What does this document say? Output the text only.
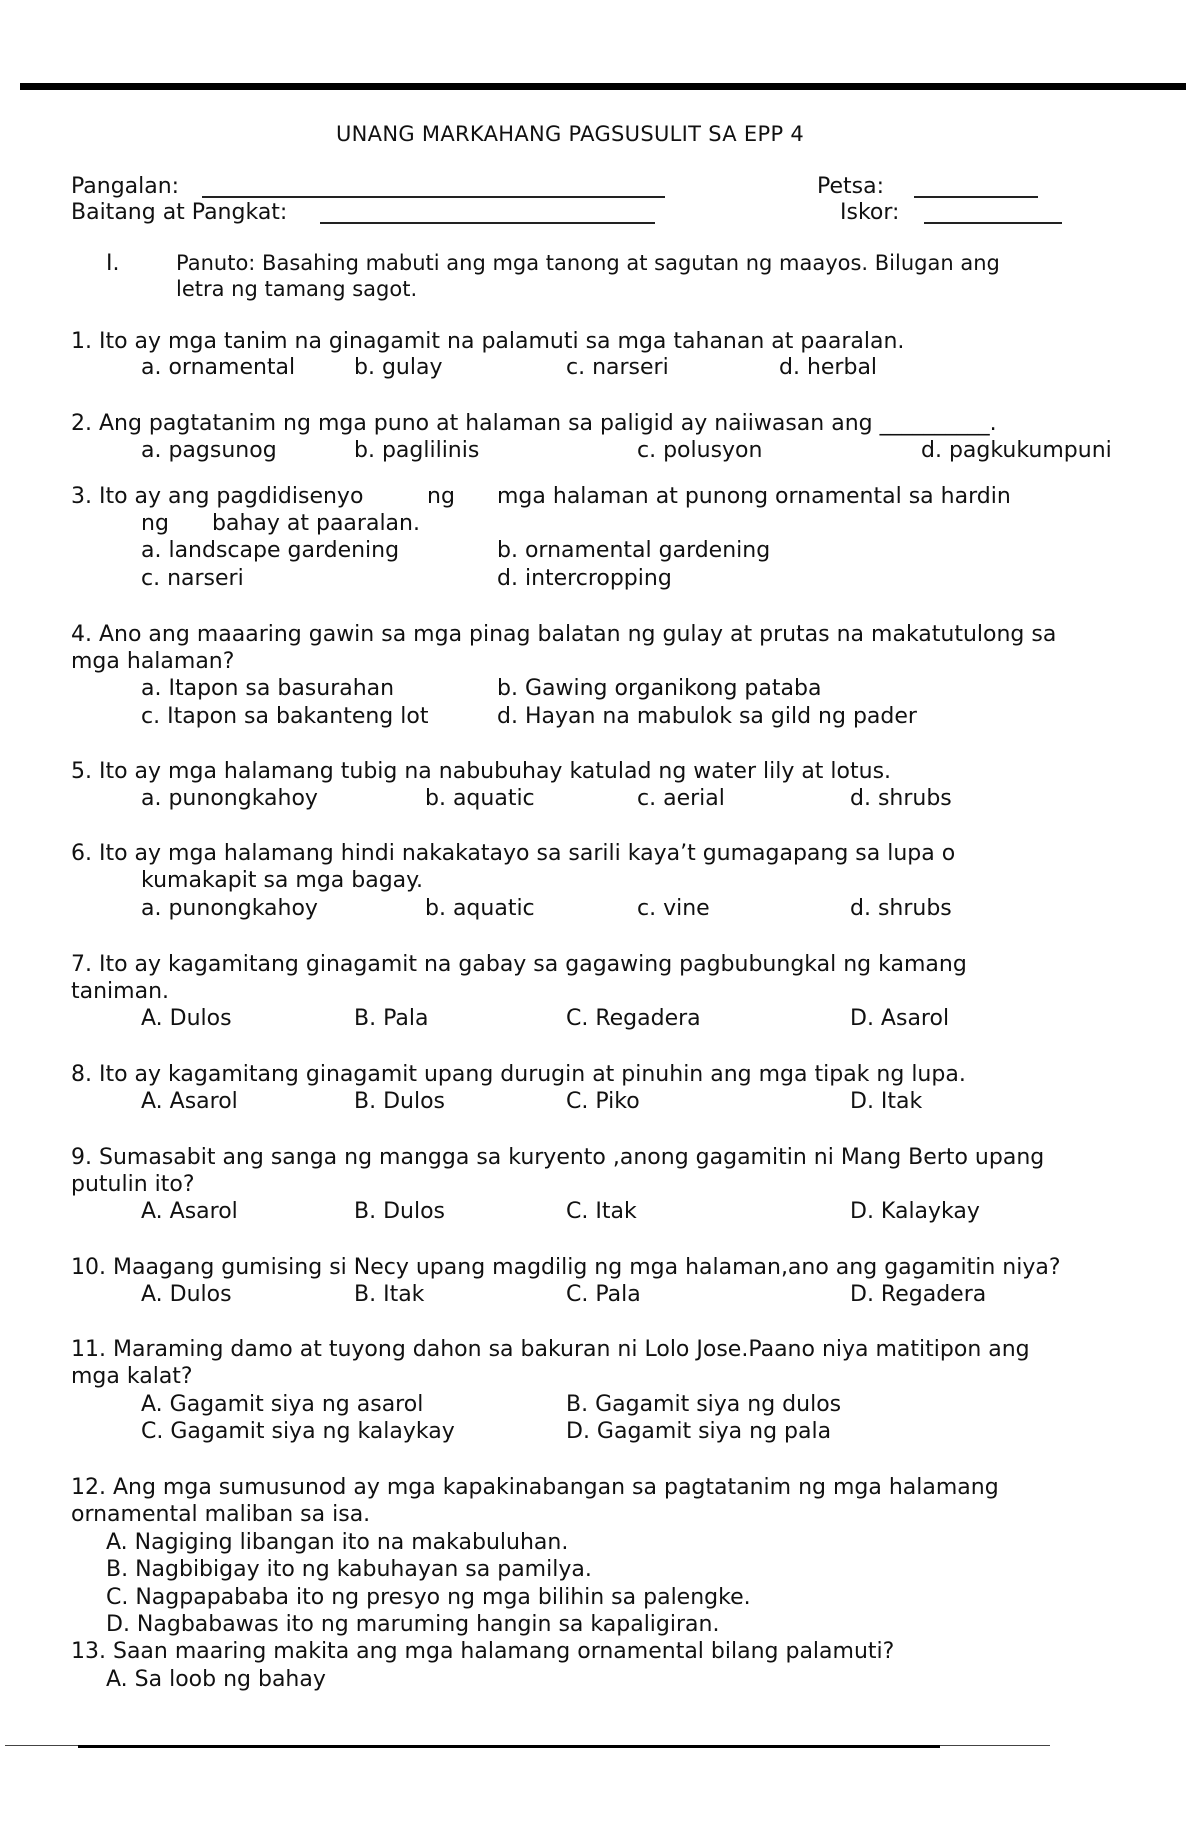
UNANG MARKAHANG PAGSUSULIT SA EPP 4
Pangalan:	Petsa:
Baitang at Pangkat:	Iskor:
I.	Panuto: Basahing mabuti ang mga tanong at sagutan ng maayos. Bilugan ang
letra ng tamang sagot.
1. Ito ay mga tanim na ginagamit na palamuti sa mga tahanan at paaralan.
a. ornamental	b. gulay	c. narseri	d. herbal
2. Ang pagtatanim ng mga puno at halaman sa paligid ay naiiwasan ang __________.
a. pagsunog	b. paglilinis	c. polusyon	d. pagkukumpuni
3. Ito ay ang pagdidisenyo	ng mga halaman at punong ornamental sa hardin
ng bahay at paaralan.
a. landscape gardening	b. ornamental gardening
c. narseri	d. intercropping
4. Ano ang maaaring gawin sa mga pinag balatan ng gulay at prutas na makatutulong sa
mga halaman?
a. Itapon sa basurahan	b. Gawing organikong pataba
c. Itapon sa bakanteng lot	d. Hayan na mabulok sa gild ng pader
5. Ito ay mga halamang tubig na nabubuhay katulad ng water lily at lotus.
a. punongkahoy	b. aquatic	c. aerial	d. shrubs
6. Ito ay mga halamang hindi nakakatayo sa sarili kaya’t gumagapang sa lupa o
kumakapit sa mga bagay.
a. punongkahoy	b. aquatic	c. vine	d. shrubs
7. Ito ay kagamitang ginagamit na gabay sa gagawing pagbubungkal ng kamang
taniman.
A. Dulos	B. Pala	C. Regadera	D. Asarol
8. Ito ay kagamitang ginagamit upang durugin at pinuhin ang mga tipak ng lupa.
A. Asarol	B. Dulos	C. Piko	D. Itak
9. Sumasabit ang sanga ng mangga sa kuryento ,anong gagamitin ni Mang Berto upang
putulin ito?
A. Asarol	B. Dulos	C. Itak	D. Kalaykay
10. Maagang gumising si Necy upang magdilig ng mga halaman,ano ang gagamitin niya?
A. Dulos	B. Itak	C. Pala	D. Regadera
11. Maraming damo at tuyong dahon sa bakuran ni Lolo Jose.Paano niya matitipon ang
mga kalat?
A. Gagamit siya ng asarol	B. Gagamit siya ng dulos
C. Gagamit siya ng kalaykay	D. Gagamit siya ng pala
12. Ang mga sumusunod ay mga kapakinabangan sa pagtatanim ng mga halamang
ornamental maliban sa isa.
A. Nagiging libangan ito na makabuluhan.
B. Nagbibigay ito ng kabuhayan sa pamilya.
C. Nagpapababa ito ng presyo ng mga bilihin sa palengke.
D. Nagbabawas ito ng maruming hangin sa kapaligiran.
13. Saan maaring makita ang mga halamang ornamental bilang palamuti?
A. Sa loob ng bahay
